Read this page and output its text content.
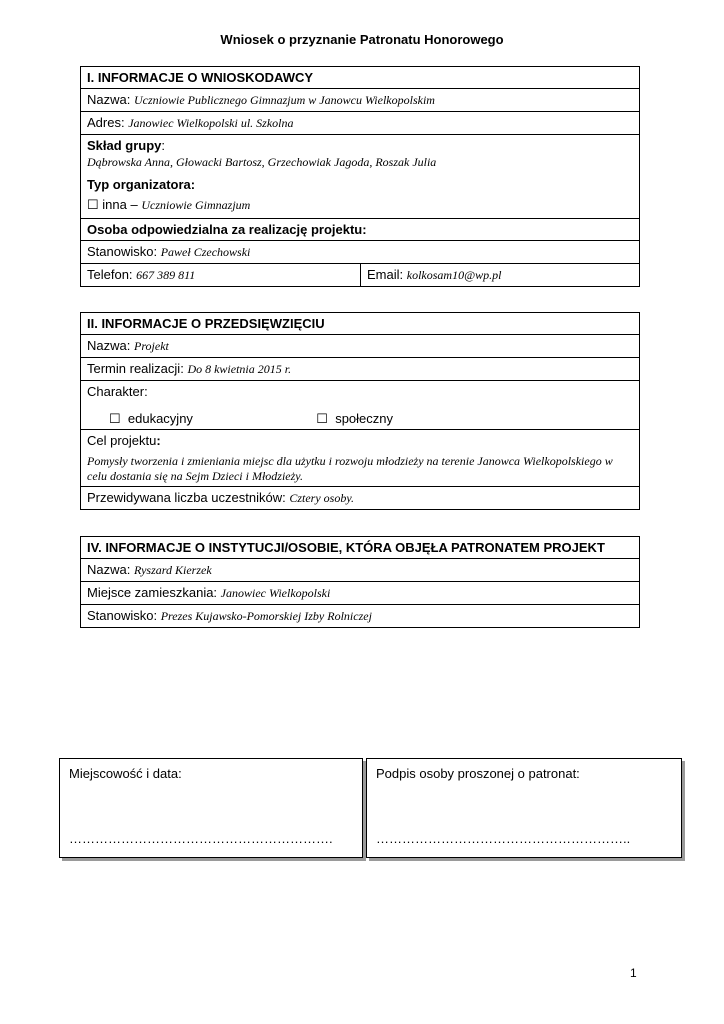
Wniosek o przyznanie Patronatu Honorowego
I. INFORMACJE O WNIOSKODAWCY
Nazwa: Uczniowie Publicznego Gimnazjum w Janowcu Wielkopolskim
Adres: Janowiec Wielkopolski ul. Szkolna

Skład grupy:
Dąbrowska Anna, Głowacki Bartosz, Grzechowiak Jagoda, Roszak Julia
Typ organizatora:
☐ inna – Uczniowie Gimnazjum

Osoba odpowiedzialna za realizację projektu:
Stanowisko: Paweł Czechowski
Telefon: 667 389 811	Email: kolkosam10@wp.pl
II. INFORMACJE O PRZEDSIĘWZIĘCIU
Nazwa: Projekt
Termin realizacji: Do 8 kwietnia 2015 r.

Charakter:
☐ edukacyjny	☐ społeczny

Cel projektu:
Pomysły tworzenia i zmieniania miejsc dla użytku i rozwoju młodzieży na terenie Janowca Wielkopolskiego w celu dostania się na Sejm Dzieci i Młodzieży.

Przewidywana liczba uczestników: Cztery osoby.
IV. INFORMACJE O INSTYTUCJI/OSOBIE, KTÓRA OBJĘŁA PATRONATEM PROJEKT
Nazwa: Ryszard Kierzek
Miejsce zamieszkania: Janowiec Wielkopolski
Stanowisko: Prezes Kujawsko-Pomorskiej Izby Rolniczej
Miejscowość i data:
…………………………………………………….
Podpis osoby proszonej o patronat:
…………………………………………………..
1
